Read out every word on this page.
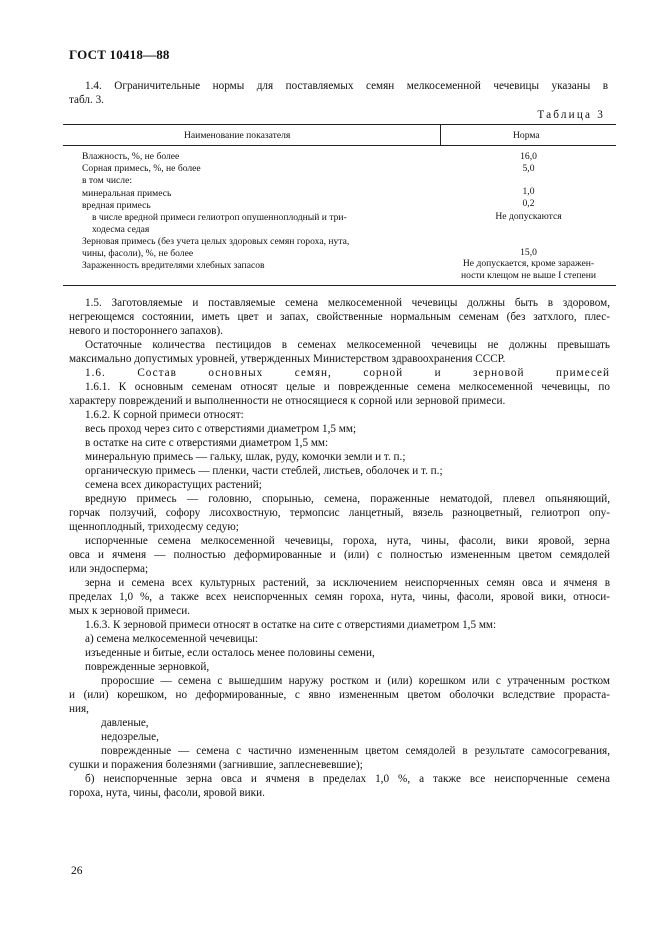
ГОСТ 10418—88
1.4. Ограничительные нормы для поставляемых семян мелкосеменной чечевицы указаны в
табл. 3.
Таблица 3
Наименование показателя	Норма
Влажность, %, не более	16,0
Сорная примесь, %, не более	5,0
в том числе:
минеральная примесь	1,0
вредная примесь	0,2
в числе вредной примеси гелиотроп опушенноплодный и три-	Не допускаются
ходесма седая
Зерновая примесь (без учета целых здоровых семян гороха, нута,
чины, фасоли), %, не более	15,0
Зараженность вредителями хлебных запасов	Не допускается, кроме заражен-
ности клещом не выше I степени
1.5. Заготовляемые и поставляемые семена мелкосеменной чечевицы должны быть в здоровом,
негреющемся состоянии, иметь цвет и запах, свойственные нормальным семенам (без затхлого, плес-
невого и постороннего запахов).
Остаточные количества пестицидов в семенах мелкосеменной чечевицы не должны превышать
максимально допустимых уровней, утвержденных Министерством здравоохранения СССР.
1.6. Состав основных семян, сорной и зерновой примесей
1.6.1. К основным семенам относят целые и поврежденные семена мелкосеменной чечевицы, по
характеру повреждений и выполненности не относящиеся к сорной или зерновой примеси.
1.6.2. К сорной примеси относят:
весь проход через сито с отверстиями диаметром 1,5 мм;
в остатке на сите с отверстиями диаметром 1,5 мм:
минеральную примесь — гальку, шлак, руду, комочки земли и т. п.;
органическую примесь — пленки, части стеблей, листьев, оболочек и т. п.;
семена всех дикорастущих растений;
вредную примесь — головню, спорынью, семена, пораженные нематодой, плевел опьяняющий,
горчак ползучий, софору лисохвостную, термопсис ланцетный, вязель разноцветный, гелиотроп опу-
щенноплодный, триходесму седую;
испорченные семена мелкосеменной чечевицы, гороха, нута, чины, фасоли, вики яровой, зерна
овса и ячменя — полностью деформированные и (или) с полностью измененным цветом семядолей
или эндосперма;
зерна и семена всех культурных растений, за исключением неиспорченных семян овса и ячменя в
пределах 1,0 %, а также всех неиспорченных семян гороха, нута, чины, фасоли, яровой вики, относи-
мых к зерновой примеси.
1.6.3. К зерновой примеси относят в остатке на сите с отверстиями диаметром 1,5 мм:
а) семена мелкосеменной чечевицы:
изъеденные и битые, если осталось менее половины семени,
поврежденные зерновкой,
проросшие — семена с вышедшим наружу ростком и (или) корешком или с утраченным ростком
и (или) корешком, но деформированные, с явно измененным цветом оболочки вследствие прораста-
ния,
давленые,
недозрелые,
поврежденные — семена с частично измененным цветом семядолей в результате самосогревания,
сушки и поражения болезнями (загнившие, заплесневевшие);
б) неиспорченные зерна овса и ячменя в пределах 1,0 %, а также все неиспорченные семена
гороха, нута, чины, фасоли, яровой вики.
26
